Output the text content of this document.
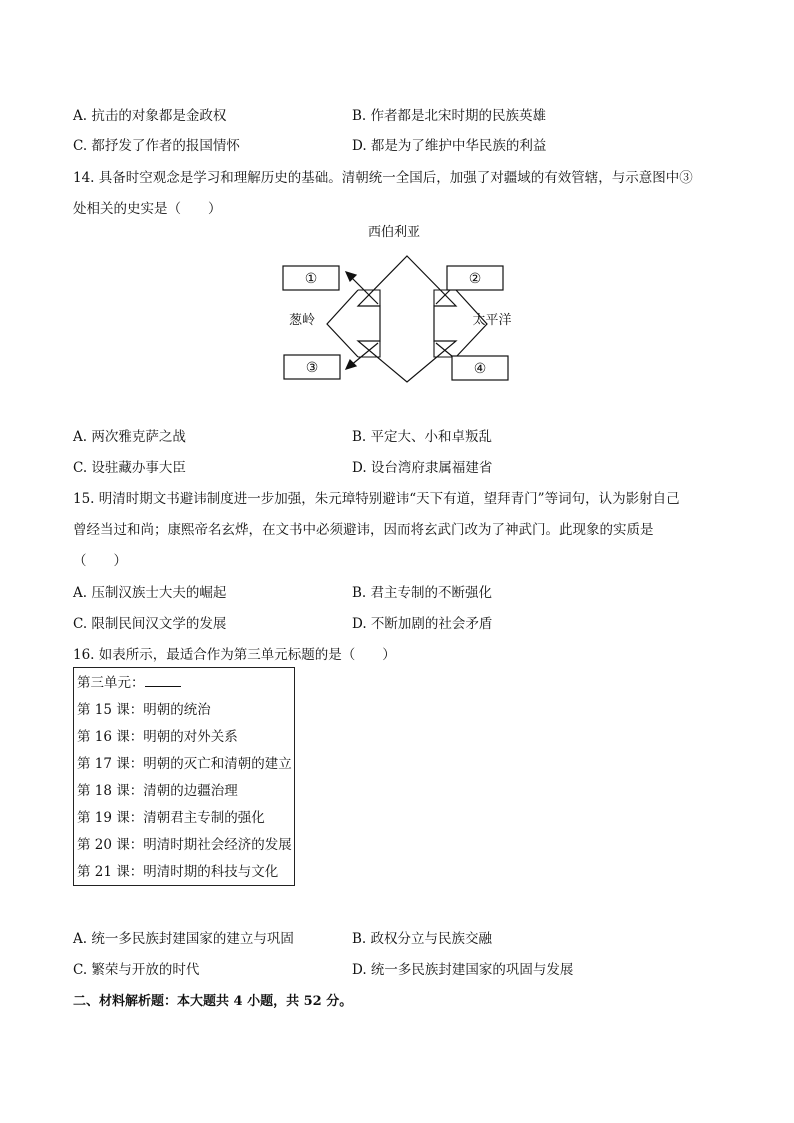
A. 抗击的对象都是金政权	B. 作者都是北宋时期的民族英雄
C. 都抒发了作者的报国情怀	D. 都是为了维护中华民族的利益
14. 具备时空观念是学习和理解历史的基础。清朝统一全国后，加强了对疆域的有效管辖，与示意图中③
处相关的史实是（　　）
西伯利亚
葱岭	太平洋
①	②
③	④
A. 两次雅克萨之战	B. 平定大、小和卓叛乱
C. 设驻藏办事大臣	D. 设台湾府隶属福建省
15. 明清时期文书避讳制度进一步加强，朱元璋特别避讳“天下有道，望拜青门”等词句，认为影射自己
曾经当过和尚；康熙帝名玄烨，在文书中必须避讳，因而将玄武门改为了神武门。此现象的实质是
（　　）
A. 压制汉族士大夫的崛起	B. 君主专制的不断强化
C. 限制民间汉文学的发展	D. 不断加剧的社会矛盾
16. 如表所示，最适合作为第三单元标题的是（　　）
第三单元：
第 15 课：明朝的统治
第 16 课：明朝的对外关系
第 17 课：明朝的灭亡和清朝的建立
第 18 课：清朝的边疆治理
第 19 课：清朝君主专制的强化
第 20 课：明清时期社会经济的发展
第 21 课：明清时期的科技与文化
A. 统一多民族封建国家的建立与巩固	B. 政权分立与民族交融
C. 繁荣与开放的时代	D. 统一多民族封建国家的巩固与发展
二、材料解析题：本大题共 4 小题，共 52 分。
